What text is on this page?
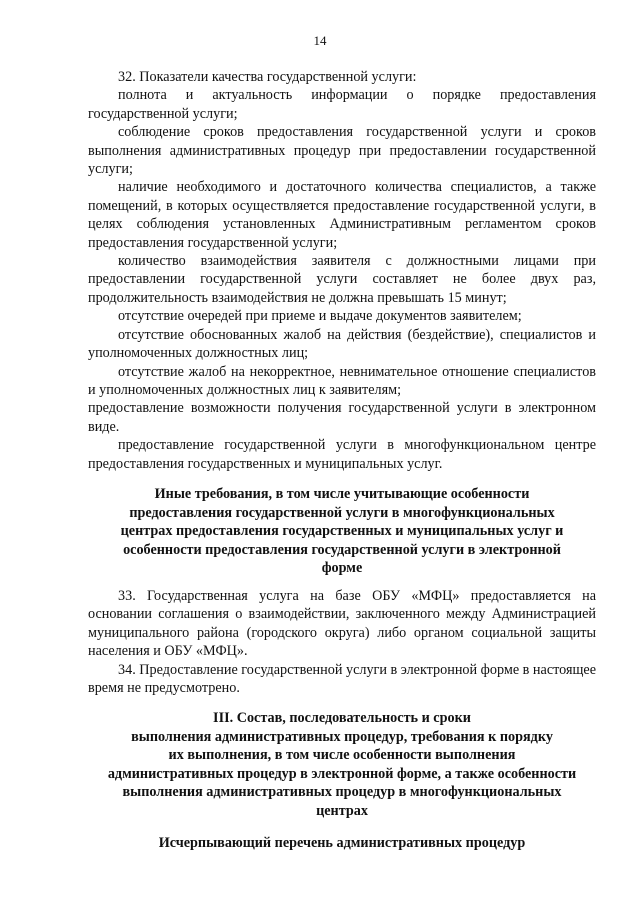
14

32. Показатели качества государственной услуги:

полнота и актуальность информации о порядке предоставления государственной услуги;

соблюдение сроков предоставления государственной услуги и сроков выполнения административных процедур при предоставлении государственной услуги;

наличие необходимого и достаточного количества специалистов, а также помещений, в которых осуществляется предоставление государственной услуги, в целях соблюдения установленных Административным регламентом сроков предоставления государственной услуги;

количество взаимодействия заявителя с должностными лицами при предоставлении государственной услуги составляет не более двух раз, продолжительность взаимодействия не должна превышать 15 минут;

отсутствие очередей при приеме и выдаче документов заявителем;

отсутствие обоснованных жалоб на действия (бездействие), специалистов и уполномоченных должностных лиц;

отсутствие жалоб на некорректное, невнимательное отношение специалистов и уполномоченных должностных лиц к заявителям;

предоставление возможности получения государственной услуги в электронном виде.

предоставление государственной услуги в многофункциональном центре предоставления государственных и муниципальных услуг.

Иные требования, в том числе учитывающие особенности

предоставления государственной услуги в многофункциональных

центрах предоставления государственных и муниципальных услуг и

особенности предоставления государственной услуги в электронной

форме

33. Государственная услуга на базе ОБУ «МФЦ» предоставляется на основании соглашения о взаимодействии, заключенного между Администрацией муниципального района (городского округа) либо органом социальной защиты населения и ОБУ «МФЦ».

34. Предоставление государственной услуги в электронной форме в настоящее время не предусмотрено.

III. Состав, последовательность и сроки

выполнения административных процедур, требования к порядку

их выполнения, в том числе особенности выполнения

административных процедур в электронной форме, а также особенности

выполнения административных процедур в многофункциональных

центрах

Исчерпывающий перечень административных процедур
